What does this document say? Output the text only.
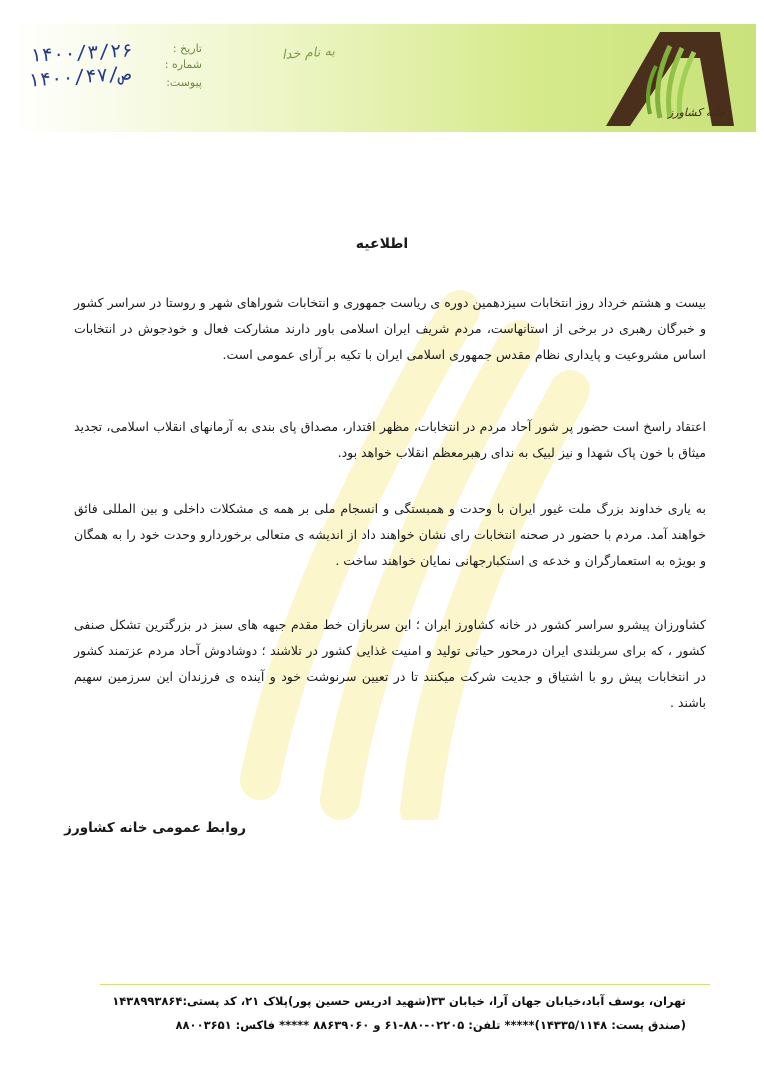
تاریخ :
شماره :
پیوست:
۱۴۰۰/۳/۲۶
۱۴۰۰/۴۷/ص
به نام خدا
خانه کشاورز
اطلاعیه

بیست و هشتم خرداد روز انتخابات سیزدهمین دوره ی ریاست جمهوری و انتخابات شوراهای شهر و روستا در سراسر کشور و خبرگان رهبری در برخی از استانهاست، مردم شریف ایران اسلامی باور دارند مشارکت فعال و خودجوش در انتخابات اساس مشروعیت و پایداری نظام مقدس جمهوری اسلامی ایران با تکیه بر آرای عمومی است.

اعتقاد راسخ است حضور پر شور آحاد مردم در انتخابات، مظهر اقتدار، مصداق پای بندی به آرمانهای انقلاب اسلامی، تجدید میثاق با خون پاک شهدا و نیز لبیک به ندای رهبرمعظم انقلاب خواهد بود.

به یاری خداوند بزرگ ملت غیور ایران با وحدت و همبستگی و انسجام ملی بر همه ی مشکلات داخلی و بین المللی فائق خواهند آمد. مردم با حضور در صحنه انتخابات رای نشان خواهند داد از اندیشه ی متعالی برخوردارو وحدت خود را به همگان و بویژه به استعمارگران و خدعه ی استکبارجهانی نمایان خواهند ساخت .

کشاورزان پیشرو سراسر کشور در خانه کشاورز ایران ؛ این سربازان خط مقدم جبهه های سبز در بزرگترین تشکل صنفی کشور ، که برای سربلندی ایران درمحور حیاتی تولید و امنیت غذایی کشور در تلاشند ؛ دوشادوش آحاد مردم عزتمند کشور در انتخابات پیش رو با اشتیاق و جدیت شرکت میکنند تا در تعیین سرنوشت خود و آینده ی فرزندان این سرزمین سهیم باشند .

روابط عمومی خانه کشاورز
تهران، یوسف آباد،خیابان جهان آرا، خیابان ۳۳(شهید ادریس حسین پور)پلاک ۲۱، کد پستی:۱۴۳۸۹۹۳۸۶۴
(صندق پست: ۱۴۳۳۵/۱۱۴۸)***** تلفن: ۰۲۲۰۵-۸۸۰-۶۱ و ۸۸۶۳۹۰۶۰ ***** فاکس: ۸۸۰۰۳۶۵۱
